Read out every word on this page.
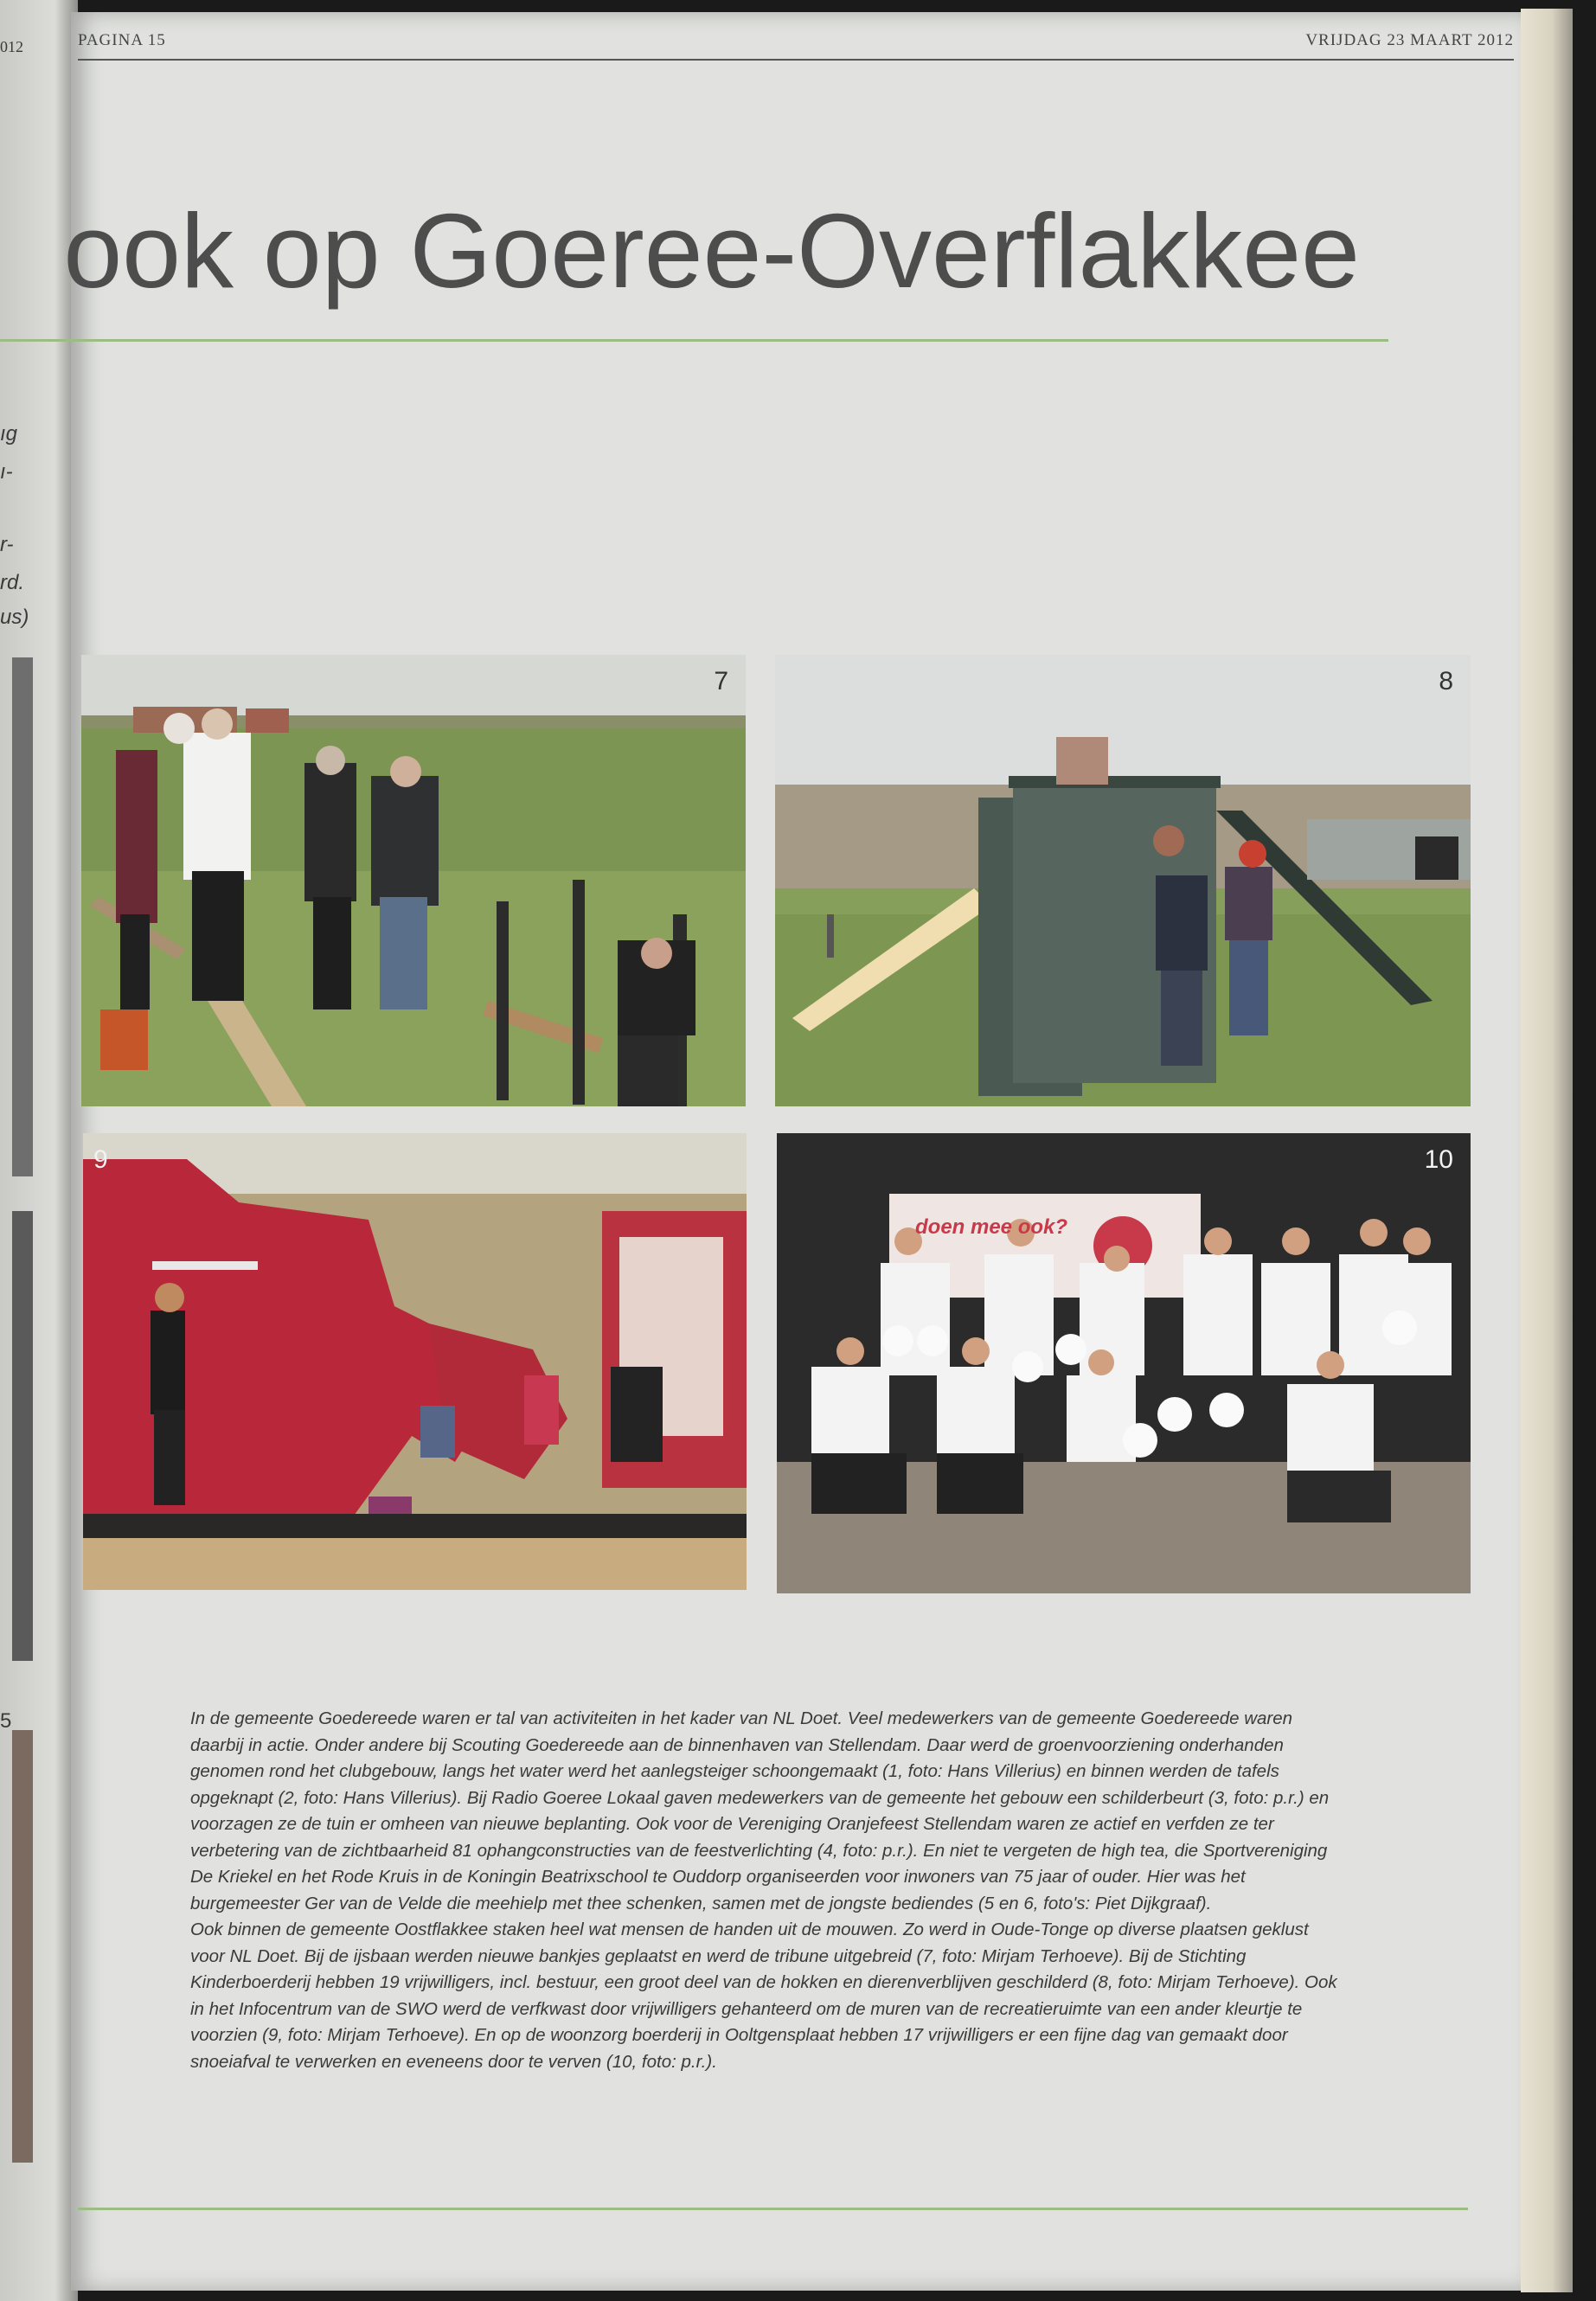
012
ıg
ı-
r-
rd.
us)
5
PAGINA 15	VRIJDAG 23 MAART 2012
ook op Goeree-Overflakkee
7	8
9	10
doen mee ook?

In de gemeente Goedereede waren er tal van activiteiten in het kader van NL Doet. Veel medewerkers van de gemeente Goedereede waren daarbij in actie. Onder andere bij Scouting Goedereede aan de binnenhaven van Stellendam. Daar werd de groenvoorziening onderhanden genomen rond het clubgebouw, langs het water werd het aanlegsteiger schoongemaakt (1, foto: Hans Villerius) en binnen werden de tafels opgeknapt (2, foto: Hans Villerius). Bij Radio Goeree Lokaal gaven medewerkers van de gemeente het gebouw een schilderbeurt (3, foto: p.r.) en voorzagen ze de tuin er omheen van nieuwe beplanting. Ook voor de Vereniging Oranjefeest Stellendam waren ze actief en verfden ze ter verbetering van de zichtbaarheid 81 ophangconstructies van de feestverlichting (4, foto: p.r.). En niet te vergeten de high tea, die Sportvereniging De Kriekel en het Rode Kruis in de Koningin Beatrixschool te Ouddorp organiseerden voor inwoners van 75 jaar of ouder. Hier was het burgemeester Ger van de Velde die meehielp met thee schenken, samen met de jongste bediendes (5 en 6, foto's: Piet Dijkgraaf).

Ook binnen de gemeente Oostflakkee staken heel wat mensen de handen uit de mouwen. Zo werd in Oude-Tonge op diverse plaatsen geklust voor NL Doet. Bij de ijsbaan werden nieuwe bankjes geplaatst en werd de tribune uitgebreid (7, foto: Mirjam Terhoeve). Bij de Stichting Kinderboerderij hebben 19 vrijwilligers, incl. bestuur, een groot deel van de hokken en dierenverblijven geschilderd (8, foto: Mirjam Terhoeve). Ook in het Infocentrum van de SWO werd de verfkwast door vrijwilligers gehanteerd om de muren van de recreatieruimte van een ander kleurtje te voorzien (9, foto: Mirjam Terhoeve). En op de woonzorg boerderij in Ooltgensplaat hebben 17 vrijwilligers er een fijne dag van gemaakt door snoeiafval te verwerken en eveneens door te verven (10, foto: p.r.).
